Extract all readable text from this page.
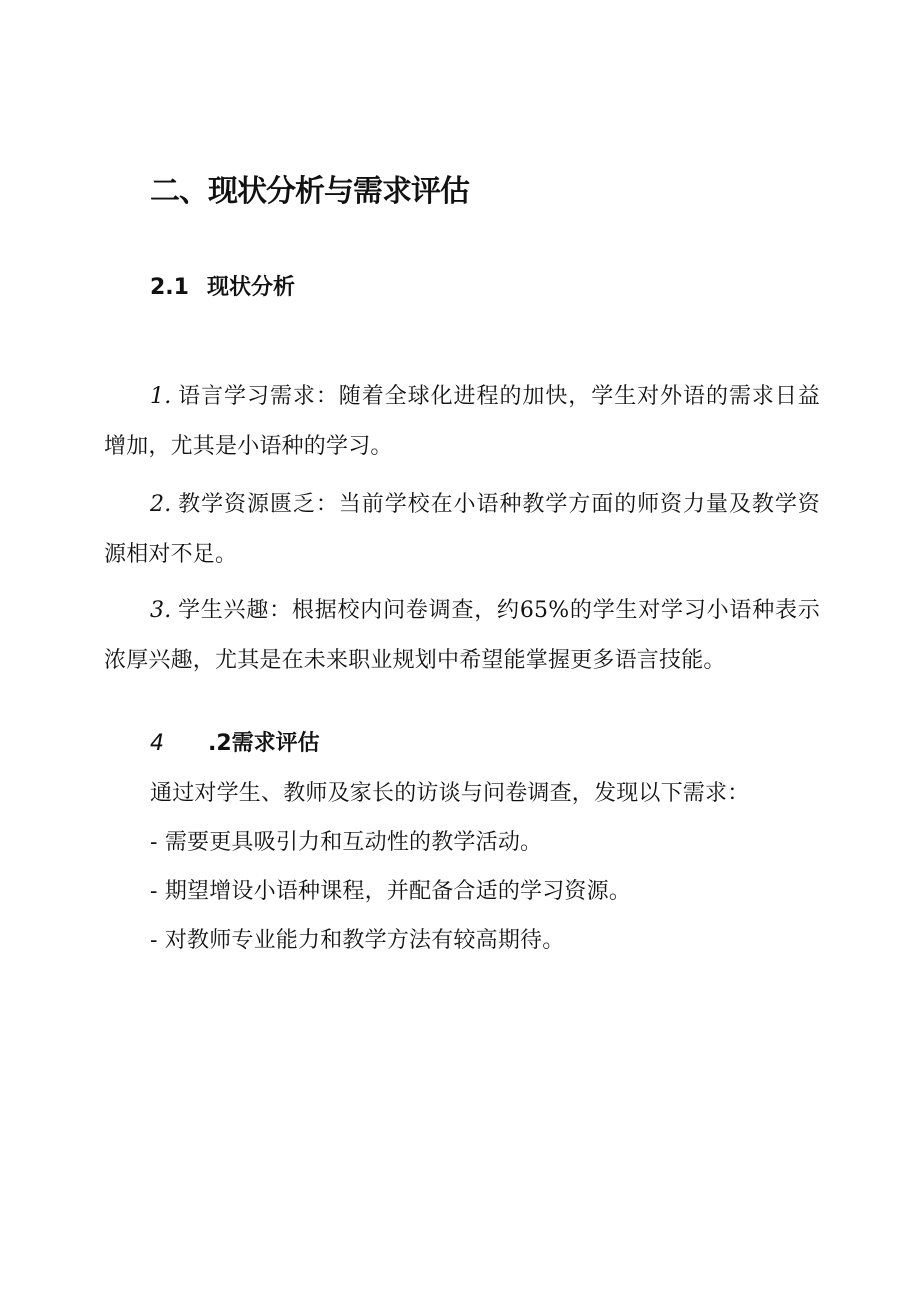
二、现状分析与需求评估
2.1 现状分析
1. 语言学习需求：随着全球化进程的加快，学生对外语的需求日益增加，尤其是小语种的学习。
2. 教学资源匮乏：当前学校在小语种教学方面的师资力量及教学资源相对不足。
3. 学生兴趣：根据校内问卷调查，约65%的学生对学习小语种表示浓厚兴趣，尤其是在未来职业规划中希望能掌握更多语言技能。
4 .2需求评估
通过对学生、教师及家长的访谈与问卷调查，发现以下需求：
- 需要更具吸引力和互动性的教学活动。
- 期望增设小语种课程，并配备合适的学习资源。
- 对教师专业能力和教学方法有较高期待。
